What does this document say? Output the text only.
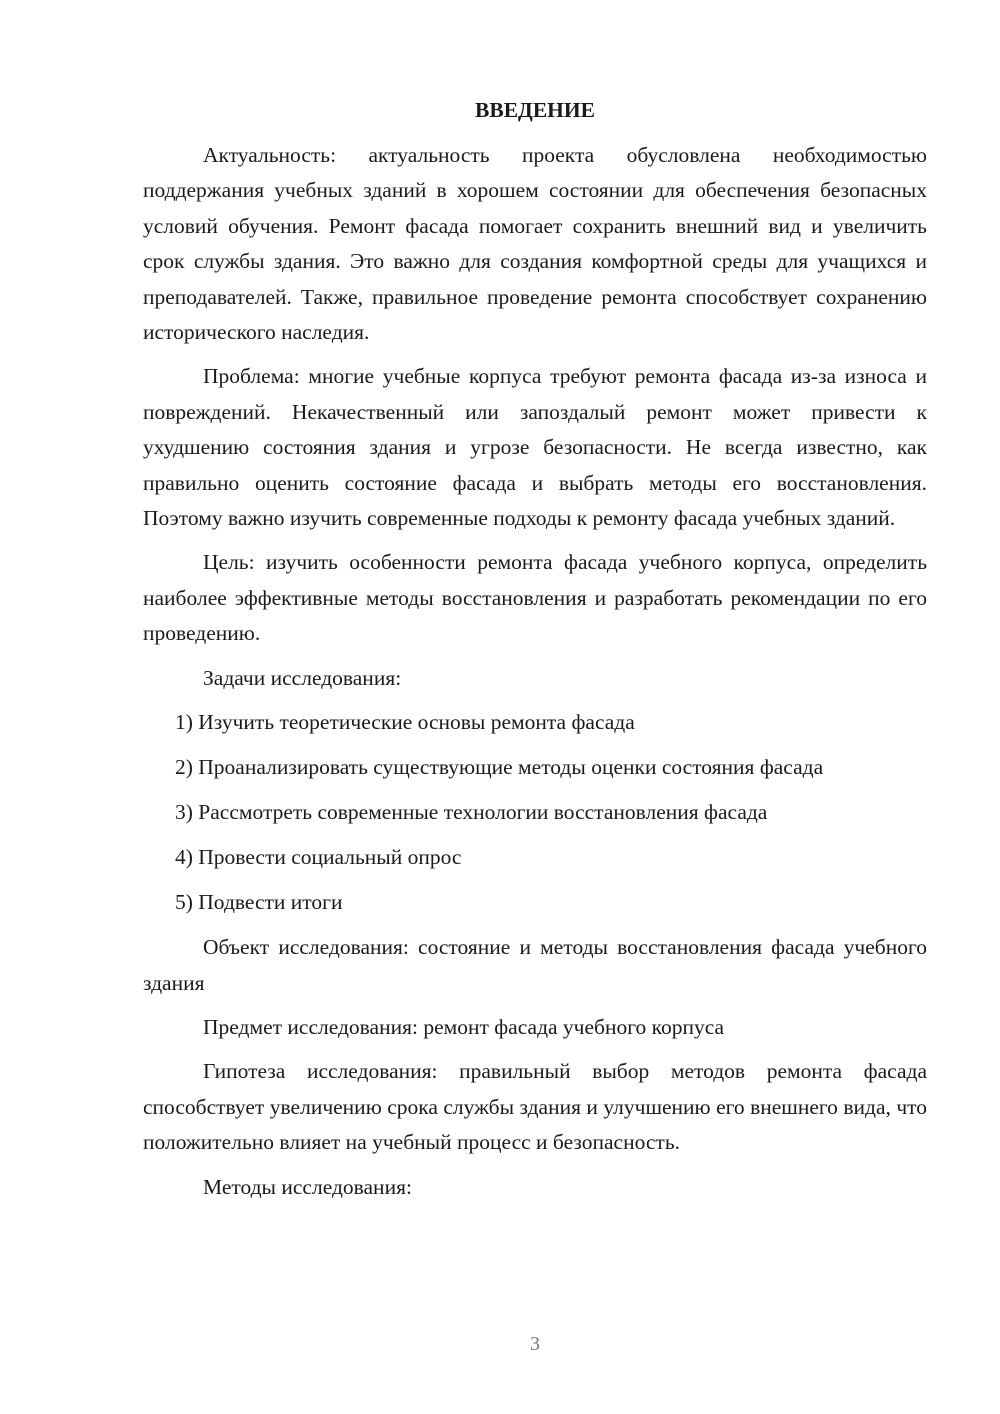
ВВЕДЕНИЕ

Актуальность: актуальность проекта обусловлена необходимостью поддержания учебных зданий в хорошем состоянии для обеспечения безопасных условий обучения. Ремонт фасада помогает сохранить внешний вид и увеличить срок службы здания. Это важно для создания комфортной среды для учащихся и преподавателей. Также, правильное проведение ремонта способствует сохранению исторического наследия.

Проблема: многие учебные корпуса требуют ремонта фасада из-за износа и повреждений. Некачественный или запоздалый ремонт может привести к ухудшению состояния здания и угрозе безопасности. Не всегда известно, как правильно оценить состояние фасада и выбрать методы его восстановления. Поэтому важно изучить современные подходы к ремонту фасада учебных зданий.

Цель: изучить особенности ремонта фасада учебного корпуса, определить наиболее эффективные методы восстановления и разработать рекомендации по его проведению.

Задачи исследования:

1) Изучить теоретические основы ремонта фасада
2) Проанализировать существующие методы оценки состояния фасада
3) Рассмотреть современные технологии восстановления фасада
4) Провести социальный опрос
5) Подвести итоги

Объект исследования: состояние и методы восстановления фасада учебного здания

Предмет исследования: ремонт фасада учебного корпуса

Гипотеза исследования: правильный выбор методов ремонта фасада способствует увеличению срока службы здания и улучшению его внешнего вида, что положительно влияет на учебный процесс и безопасность.

Методы исследования:

3
